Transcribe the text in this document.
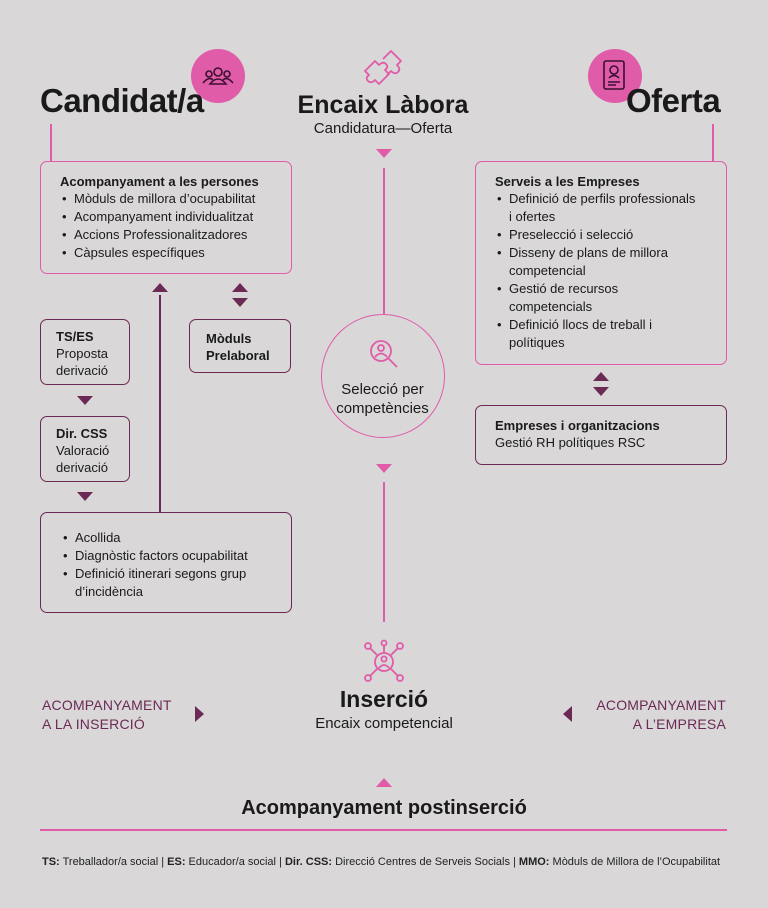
Candidat/a
Acompanyament a les persones
• Mòduls de millora d’ocupabilitat
• Acompanyament individualitzat
• Accions Professionalitzadores
• Càpsules específiques
TS/ES
Proposta
derivació
Dir. CSS
Valoració
derivació
Mòduls
Prelaboral
• Acollida
• Diagnòstic factors ocupabilitat
• Definició itinerari segons grup
d’incidència
Encaix Làbora
Candidatura—Oferta
Selecció per
competències
Inserció
Encaix competencial
Acompanyament postinserció
Oferta
Serveis a les Empreses
• Definició de perfils professionals
i ofertes
• Preselecció i selecció
• Disseny de plans de millora
competencial
• Gestió de recursos
competencials
• Definició llocs de treball i
polítiques
Empreses i organitzacions
Gestió RH polítiques RSC
ACOMPANYAMENT
A LA INSERCIÓ
ACOMPANYAMENT
A L’EMPRESA
TS: Treballador/a social | ES: Educador/a social | Dir. CSS: Direcció Centres de Serveis Socials | MMO: Mòduls de Millora de l’Ocupabilitat
